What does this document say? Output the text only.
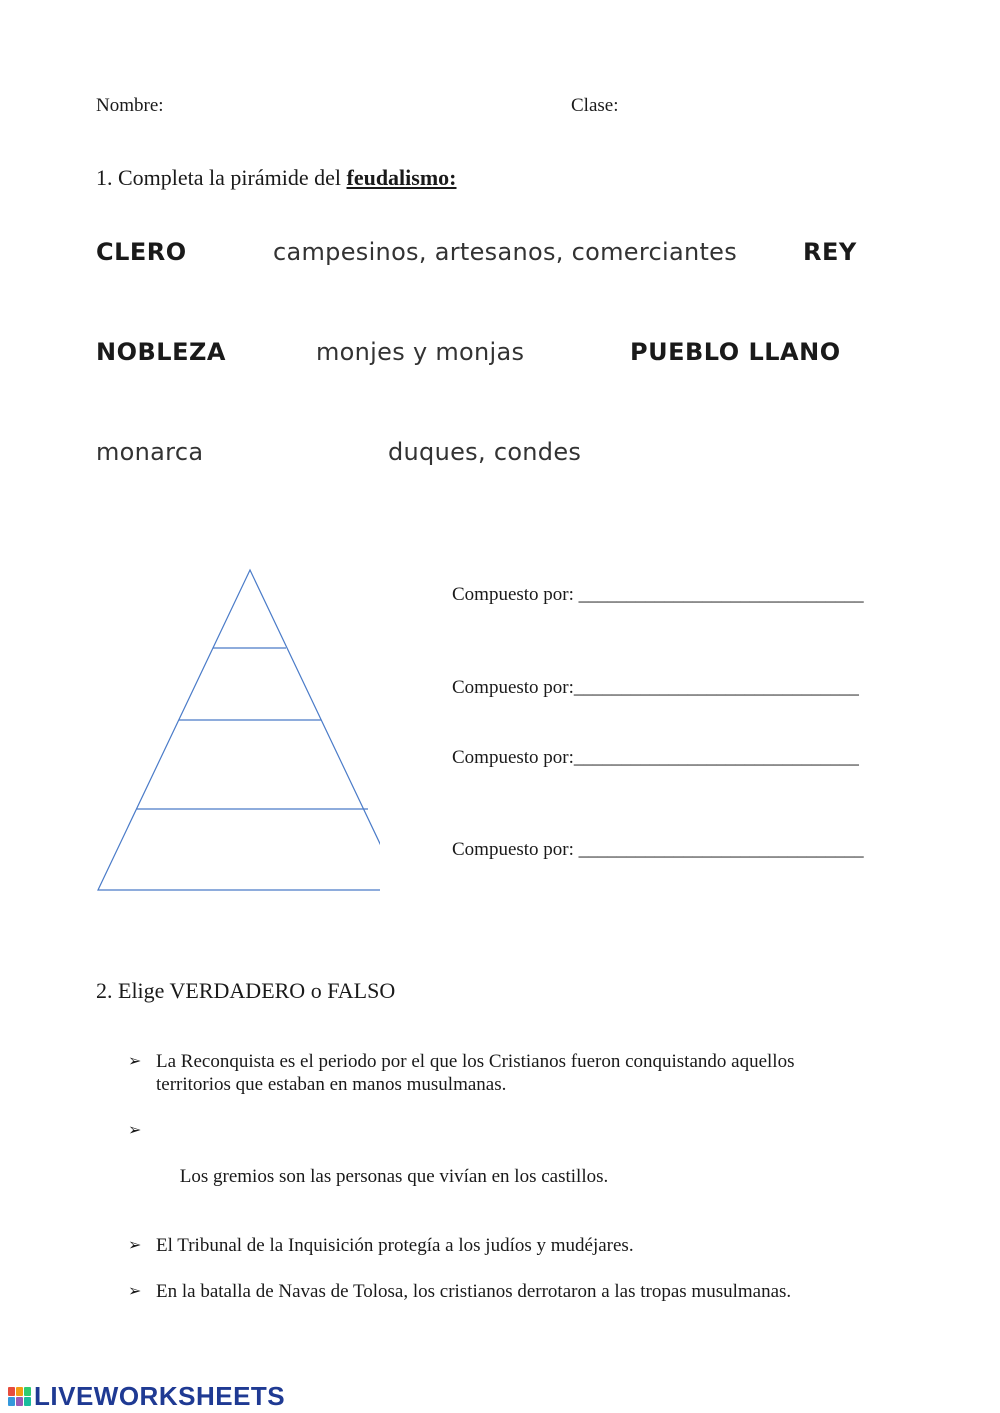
Nombre:	Clase:
1. Completa la pirámide del feudalismo:
CLERO	campesinos, artesanos, comerciantes	REY
NOBLEZA	monjes y monjas	PUEBLO LLANO
monarca	duques, condes
Compuesto por: ______________________________
Compuesto por:______________________________
Compuesto por:______________________________
Compuesto por: ______________________________
2. Elige VERDADERO o FALSO
➢ La Reconquista es el periodo por el que los Cristianos fueron conquistando aquellos territorios que estaban en manos musulmanas.

➢

Los gremios son las personas que vivían en los castillos.

➢ El Tribunal de la Inquisición protegía a los judíos y mudéjares.
➢ En la batalla de Navas de Tolosa, los cristianos derrotaron a las tropas musulmanas.
LIVEWORKSHEETS
